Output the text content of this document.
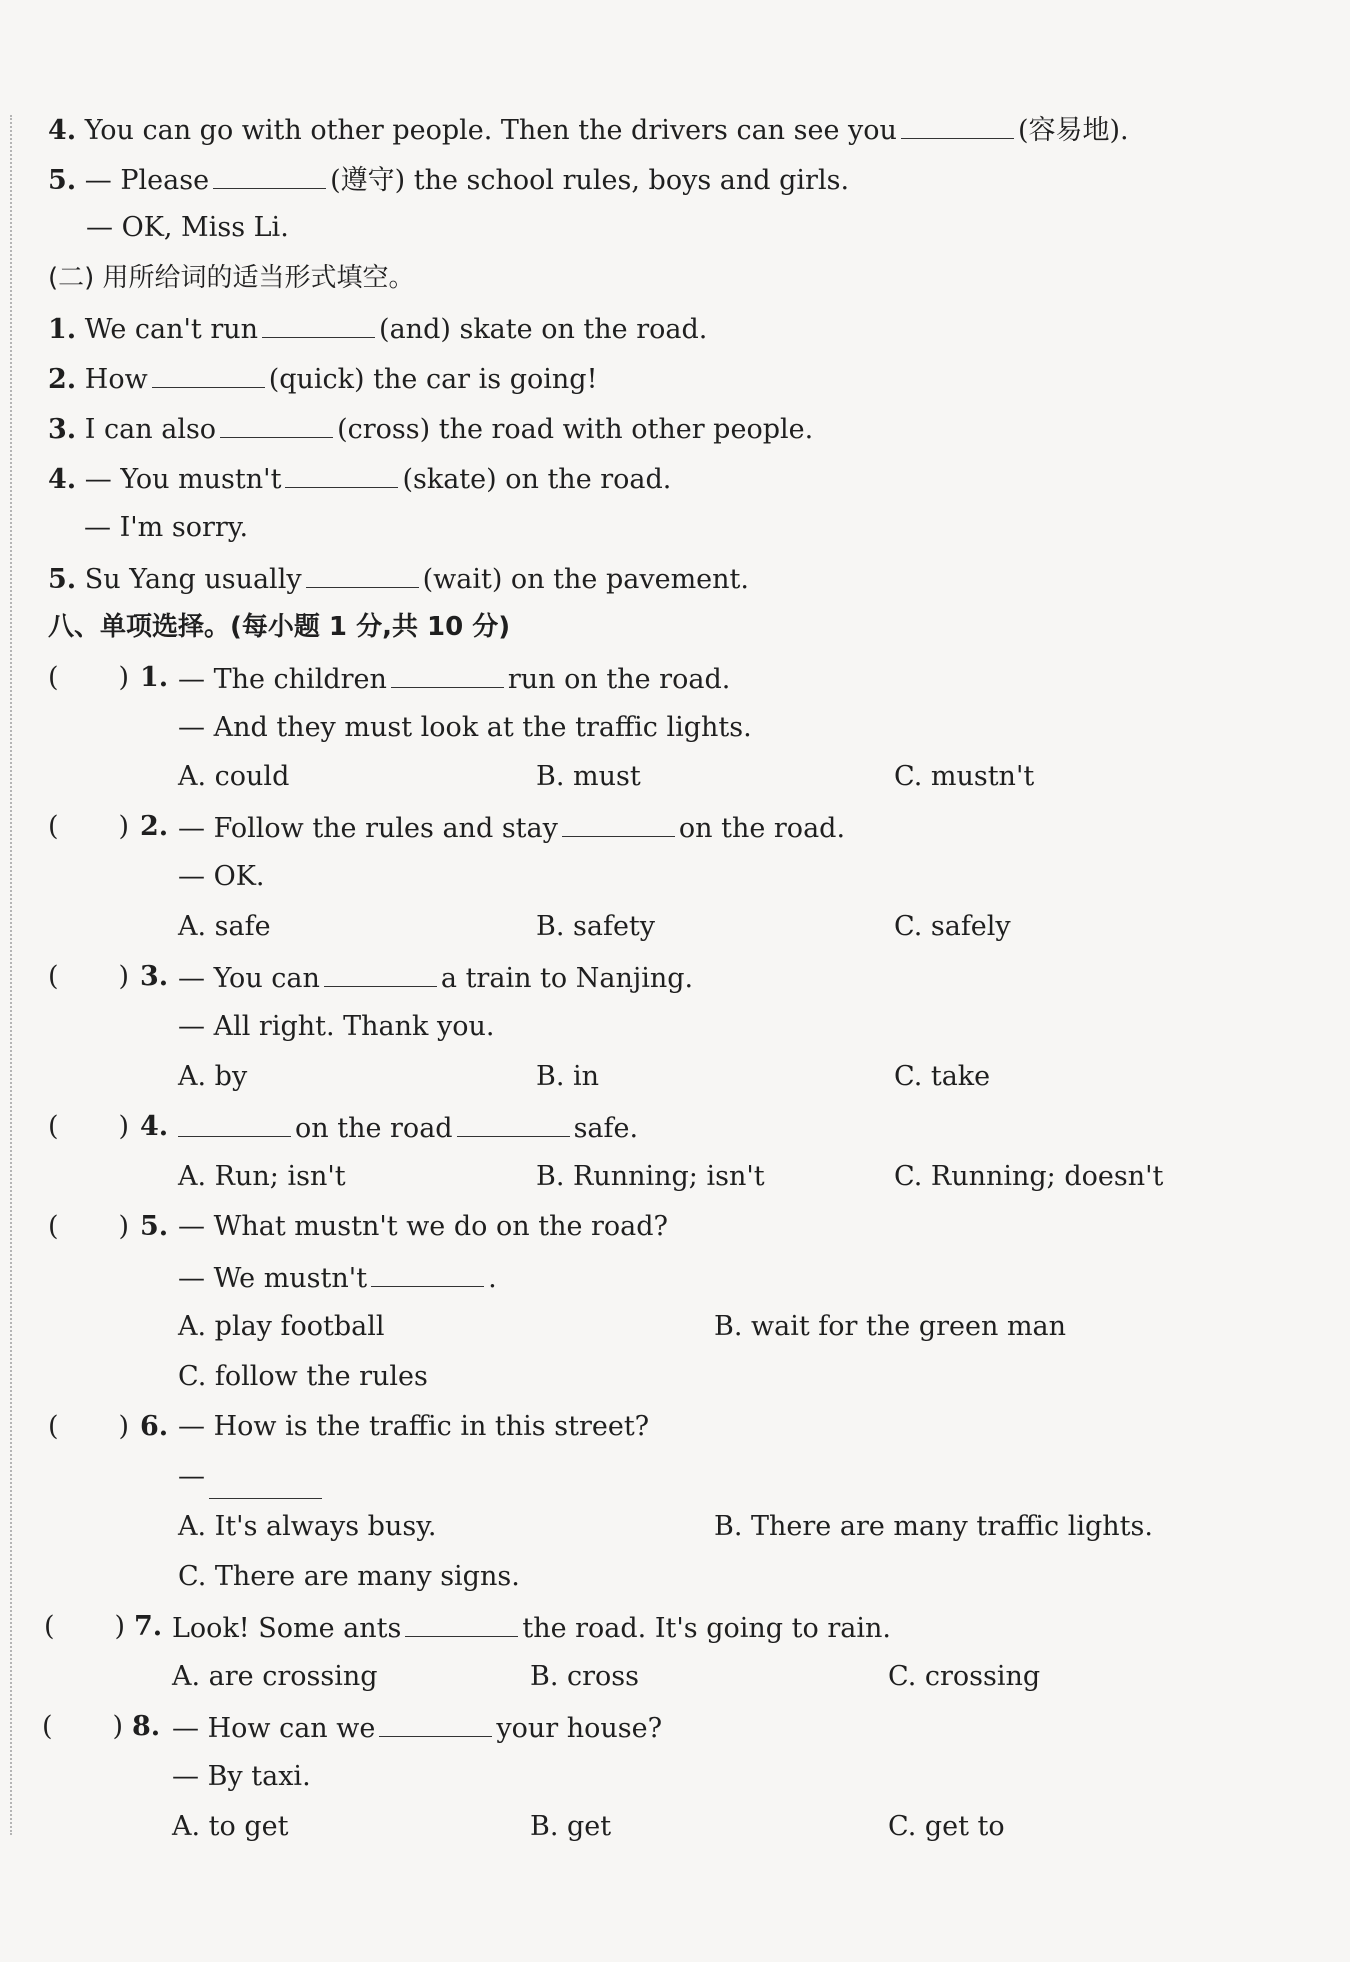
4. You can go with other people. Then the drivers can see you	(容易地).
5. — Please	(遵守) the school rules, boys and girls.
— OK, Miss Li.
(二) 用所给词的适当形式填空。
1. We can't run	(and) skate on the road.
2. How	(quick) the car is going!
3. I can also	(cross) the road with other people.
4. — You mustn't	(skate) on the road.
— I'm sorry.
5. Su Yang usually	(wait) on the pavement.
八、单项选择。(每小题 1 分,共 10 分)
( ) 1. — The children	run on the road.
— And they must look at the traffic lights.
A. could	B. must	C. mustn't
( ) 2. — Follow the rules and stay	on the road.
— OK.
A. safe	B. safety	C. safely
( ) 3. — You can	a train to Nanjing.
— All right. Thank you.
A. by	B. in	C. take
( ) 4.	on the road	safe.
A. Run; isn't	B. Running; isn't	C. Running; doesn't
( ) 5. — What mustn't we do on the road?
— We mustn't	.
A. play football	B. wait for the green man
C. follow the rules
( ) 6. — How is the traffic in this street?
—
A. It's always busy.	B. There are many traffic lights.
C. There are many signs.
( ) 7. Look! Some ants	the road. It's going to rain.
A. are crossing	B. cross	C. crossing
( ) 8. — How can we	your house?
— By taxi.
A. to get	B. get	C. get to
